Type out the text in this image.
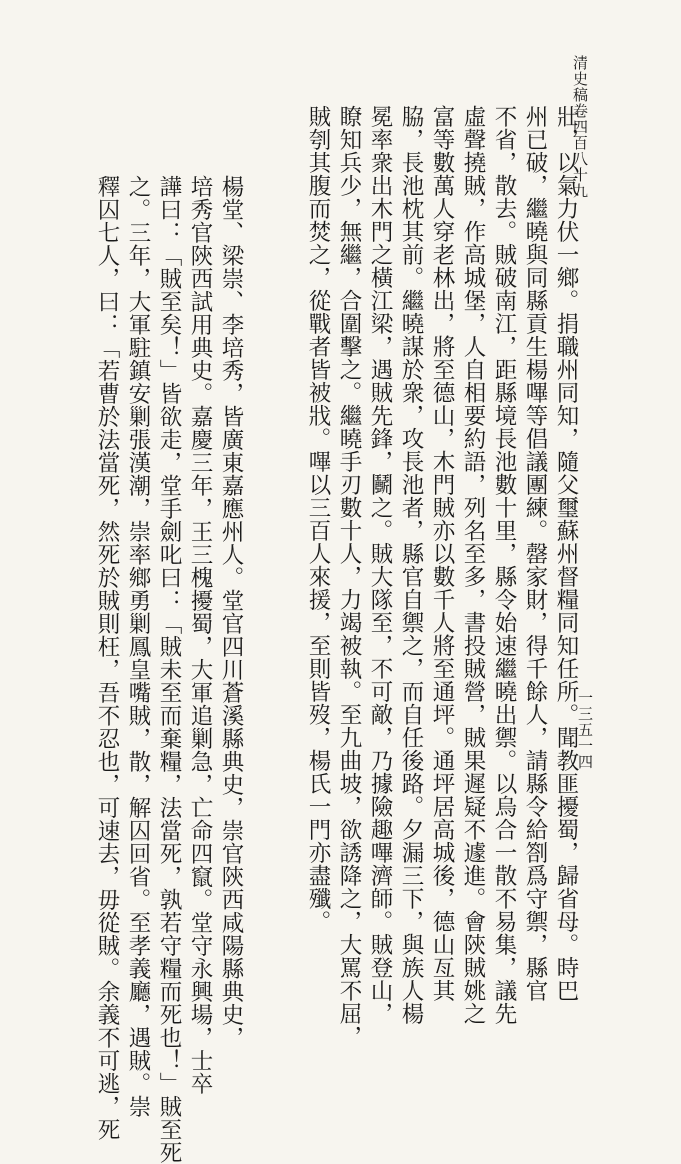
清史稿卷四百八十九
一三五一四
壯，以氣力伏一鄉。捐職州同知，隨父璽蘇州督糧同知任所。聞教匪擾蜀，歸省母。時巴
州已破，繼曉與同縣貢生楊嗶等倡議團練。罄家財，得千餘人，請縣令給劄爲守禦，縣官
不省，散去。賊破南江，距縣境長池數十里，縣令始速繼曉出禦。以烏合一散不易集，議先
虛聲撓賊，作高城堡，人自相要約語，列名至多，書投賊營，賊果遲疑不遽進。會陝賊姚之
富等數萬人穿老林出，將至德山，木門賊亦以數千人將至通坪。通坪居高城後，德山亙其
脇，長池枕其前。繼曉謀於衆，攻長池者，縣官自禦之，而自任後路。夕漏三下，與族人楊
冕率衆出木門之橫江梁，遇賊先鋒，鬭之。賊大隊至，不可敵，乃據險趣嗶濟師。賊登山，
瞭知兵少，無繼，合圍擊之。繼曉手刃數十人，力竭被執。至九曲坡，欲誘降之，大罵不屈，
賊刳其腹而焚之，從戰者皆被戕。嗶以三百人來援，至則皆歿，楊氏一門亦盡殲。
楊堂、梁崇、李培秀，皆廣東嘉應州人。堂官四川蒼溪縣典史，崇官陝西咸陽縣典史，
培秀官陝西試用典史。嘉慶三年，王三槐擾蜀，大軍追剿急，亡命四竄。堂守永興場，士卒
譁曰：「賊至矣！」皆欲走，堂手劍叱曰：「賊未至而棄糧，法當死，孰若守糧而死也！」賊至死
之。三年，大軍駐鎮安剿張漢潮，崇率鄉勇剿鳳皇嘴賊，散，解囚回省。至孝義廳，遇賊。崇
釋囚七人，曰：「若曹於法當死，然死於賊則枉，吾不忍也，可速去，毋從賊。余義不可逃，死
